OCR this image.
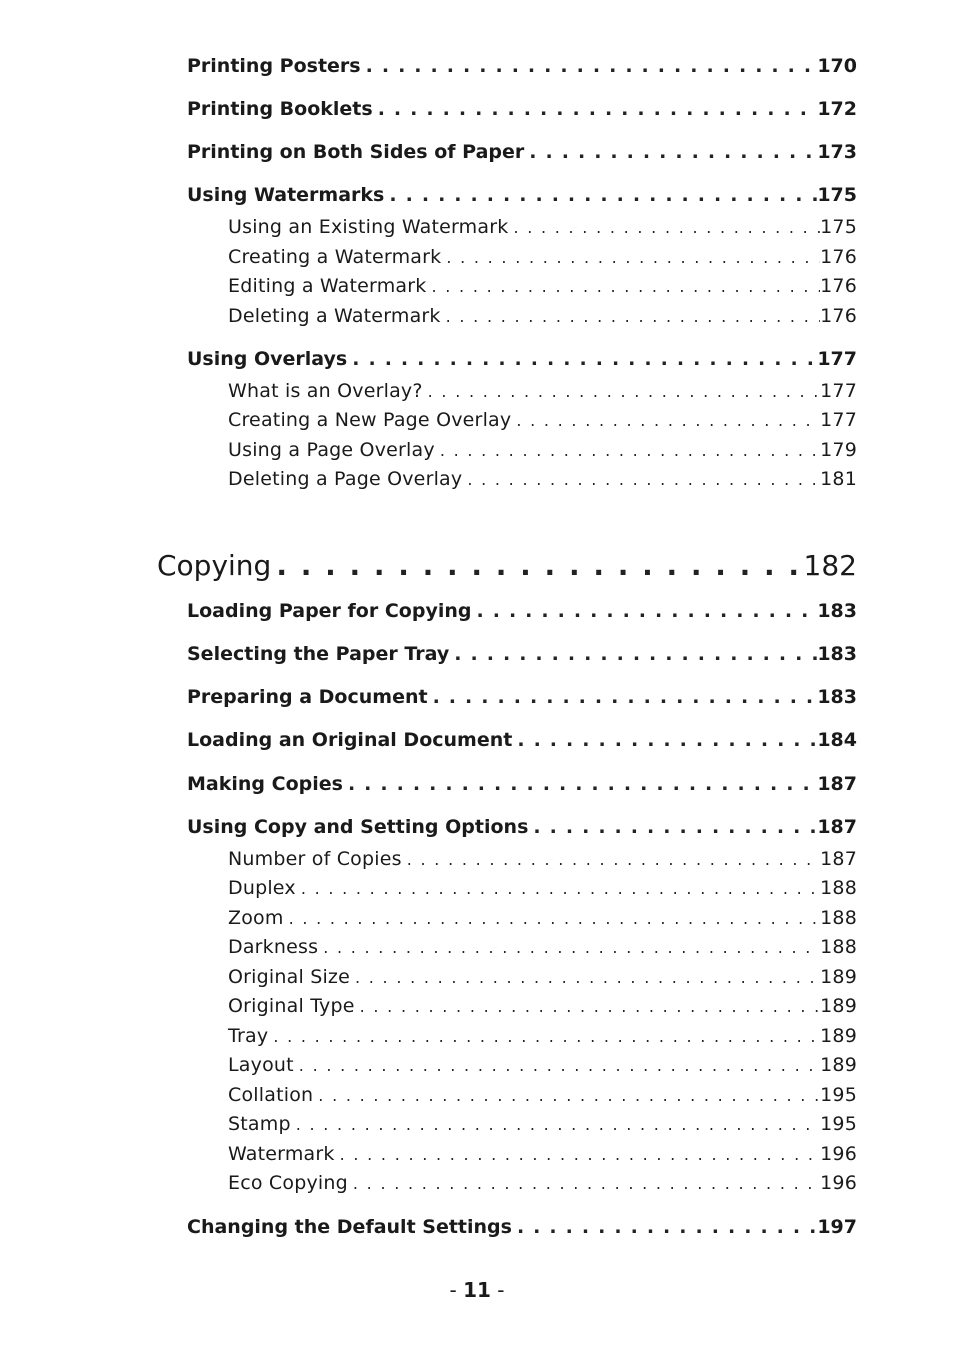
Printing Posters . . .	170
Printing Booklets . . .	172
Printing on Both Sides of Paper . . .	173
Using Watermarks . . .	175
Using an Existing Watermark . . .	175
Creating a Watermark . . .	176
Editing a Watermark . . .	176
Deleting a Watermark . . .	176
Using Overlays . . .	177
What is an Overlay? . . .	177
Creating a New Page Overlay . . .	177
Using a Page Overlay . . .	179
Deleting a Page Overlay . . .	181
Copying . . .	182
Loading Paper for Copying . . .	183
Selecting the Paper Tray . . .	183
Preparing a Document . . .	183
Loading an Original Document . . .	184
Making Copies . . .	187
Using Copy and Setting Options . . .	187
Number of Copies . . .	187
Duplex . . .	188
Zoom . . .	188
Darkness . . .	188
Original Size . . .	189
Original Type . . .	189
Tray . . .	189
Layout . . .	189
Collation . . .	195
Stamp . . .	195
Watermark . . .	196
Eco Copying . . .	196
Changing the Default Settings . . .	197
- 11 -
